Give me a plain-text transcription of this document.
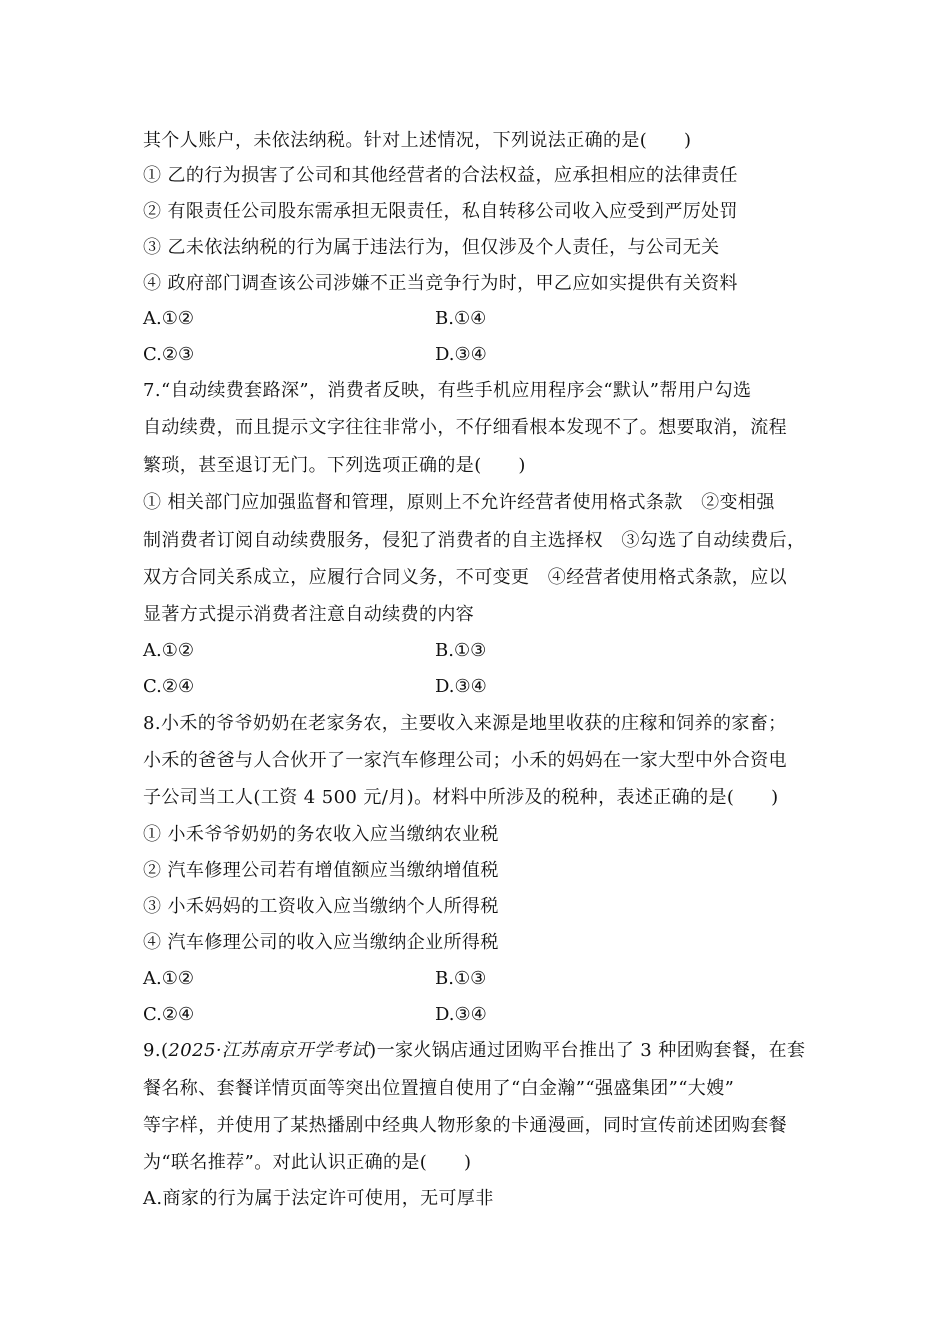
其个人账户，未依法纳税。针对上述情况，下列说法正确的是(　　)
① 乙的行为损害了公司和其他经营者的合法权益，应承担相应的法律责任
② 有限责任公司股东需承担无限责任，私自转移公司收入应受到严厉处罚
③ 乙未依法纳税的行为属于违法行为，但仅涉及个人责任，与公司无关
④ 政府部门调查该公司涉嫌不正当竞争行为时，甲乙应如实提供有关资料
A.①②	B.①④
C.②③	D.③④
7.“自动续费套路深”，消费者反映，有些手机应用程序会“默认”帮用户勾选
自动续费，而且提示文字往往非常小，不仔细看根本发现不了。想要取消，流程
繁琐，甚至退订无门。下列选项正确的是(　　)
① 相关部门应加强监督和管理，原则上不允许经营者使用格式条款　②变相强
制消费者订阅自动续费服务，侵犯了消费者的自主选择权　③勾选了自动续费后，
双方合同关系成立，应履行合同义务，不可变更　④经营者使用格式条款，应以
显著方式提示消费者注意自动续费的内容
A.①②	B.①③
C.②④	D.③④
8.小禾的爷爷奶奶在老家务农，主要收入来源是地里收获的庄稼和饲养的家畜；
小禾的爸爸与人合伙开了一家汽车修理公司；小禾的妈妈在一家大型中外合资电
子公司当工人(工资 4 500 元/月)。材料中所涉及的税种，表述正确的是(　　)
① 小禾爷爷奶奶的务农收入应当缴纳农业税
② 汽车修理公司若有增值额应当缴纳增值税
③ 小禾妈妈的工资收入应当缴纳个人所得税
④ 汽车修理公司的收入应当缴纳企业所得税
A.①②	B.①③
C.②④	D.③④
9.(2025·江苏南京开学考试)一家火锅店通过团购平台推出了 3 种团购套餐，在套
餐名称、套餐详情页面等突出位置擅自使用了“白金瀚”“强盛集团”“大嫂”
等字样，并使用了某热播剧中经典人物形象的卡通漫画，同时宣传前述团购套餐
为“联名推荐”。对此认识正确的是(　　)
A.商家的行为属于法定许可使用，无可厚非
